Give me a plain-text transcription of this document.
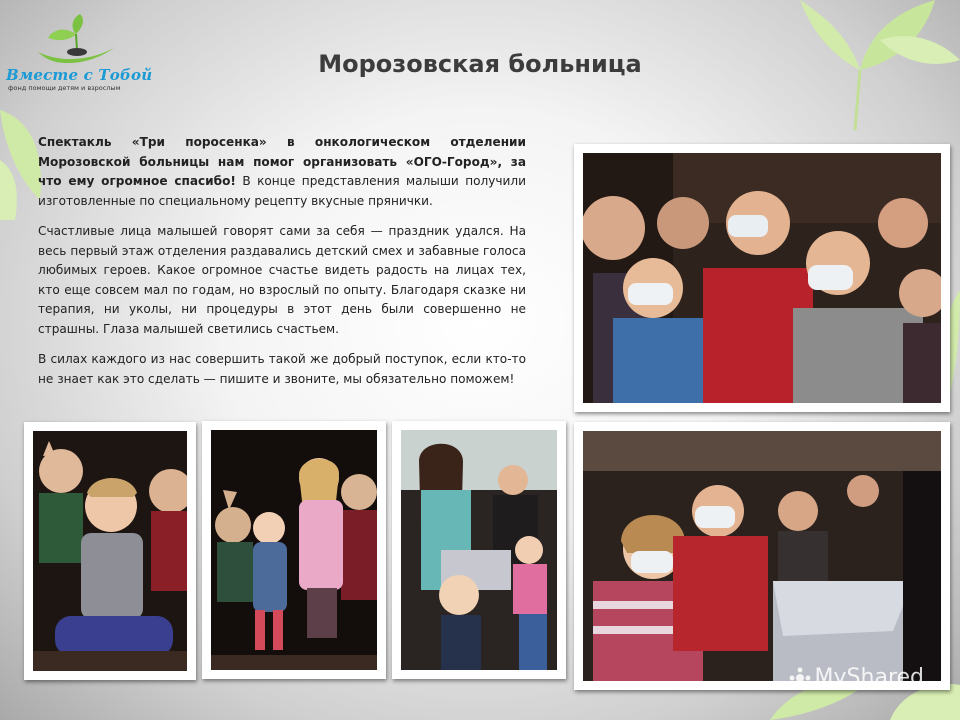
Вместе с Тобой
фонд помощи детям и взрослым
Морозовская больница

Спектакль «Три поросенка» в онкологическом отделении Морозовской больницы нам помог организовать «ОГО-Город», за что ему огромное спасибо! В конце представления малыши получили изготовленные по специальному рецепту вкусные прянички.

Счастливые лица малышей говорят сами за себя — праздник удался. На весь первый этаж отделения раздавались детский смех и забавные голоса любимых героев. Какое огромное счастье видеть радость на лицах тех, кто еще совсем мал по годам, но взрослый по опыту. Благодаря сказке ни терапия, ни уколы, ни процедуры в этот день были совершенно не страшны. Глаза малышей светились счастьем.

В силах каждого из нас совершить такой же добрый поступок, если кто-то не знает как это сделать — пишите и звоните, мы обязательно поможем!

MyShared
